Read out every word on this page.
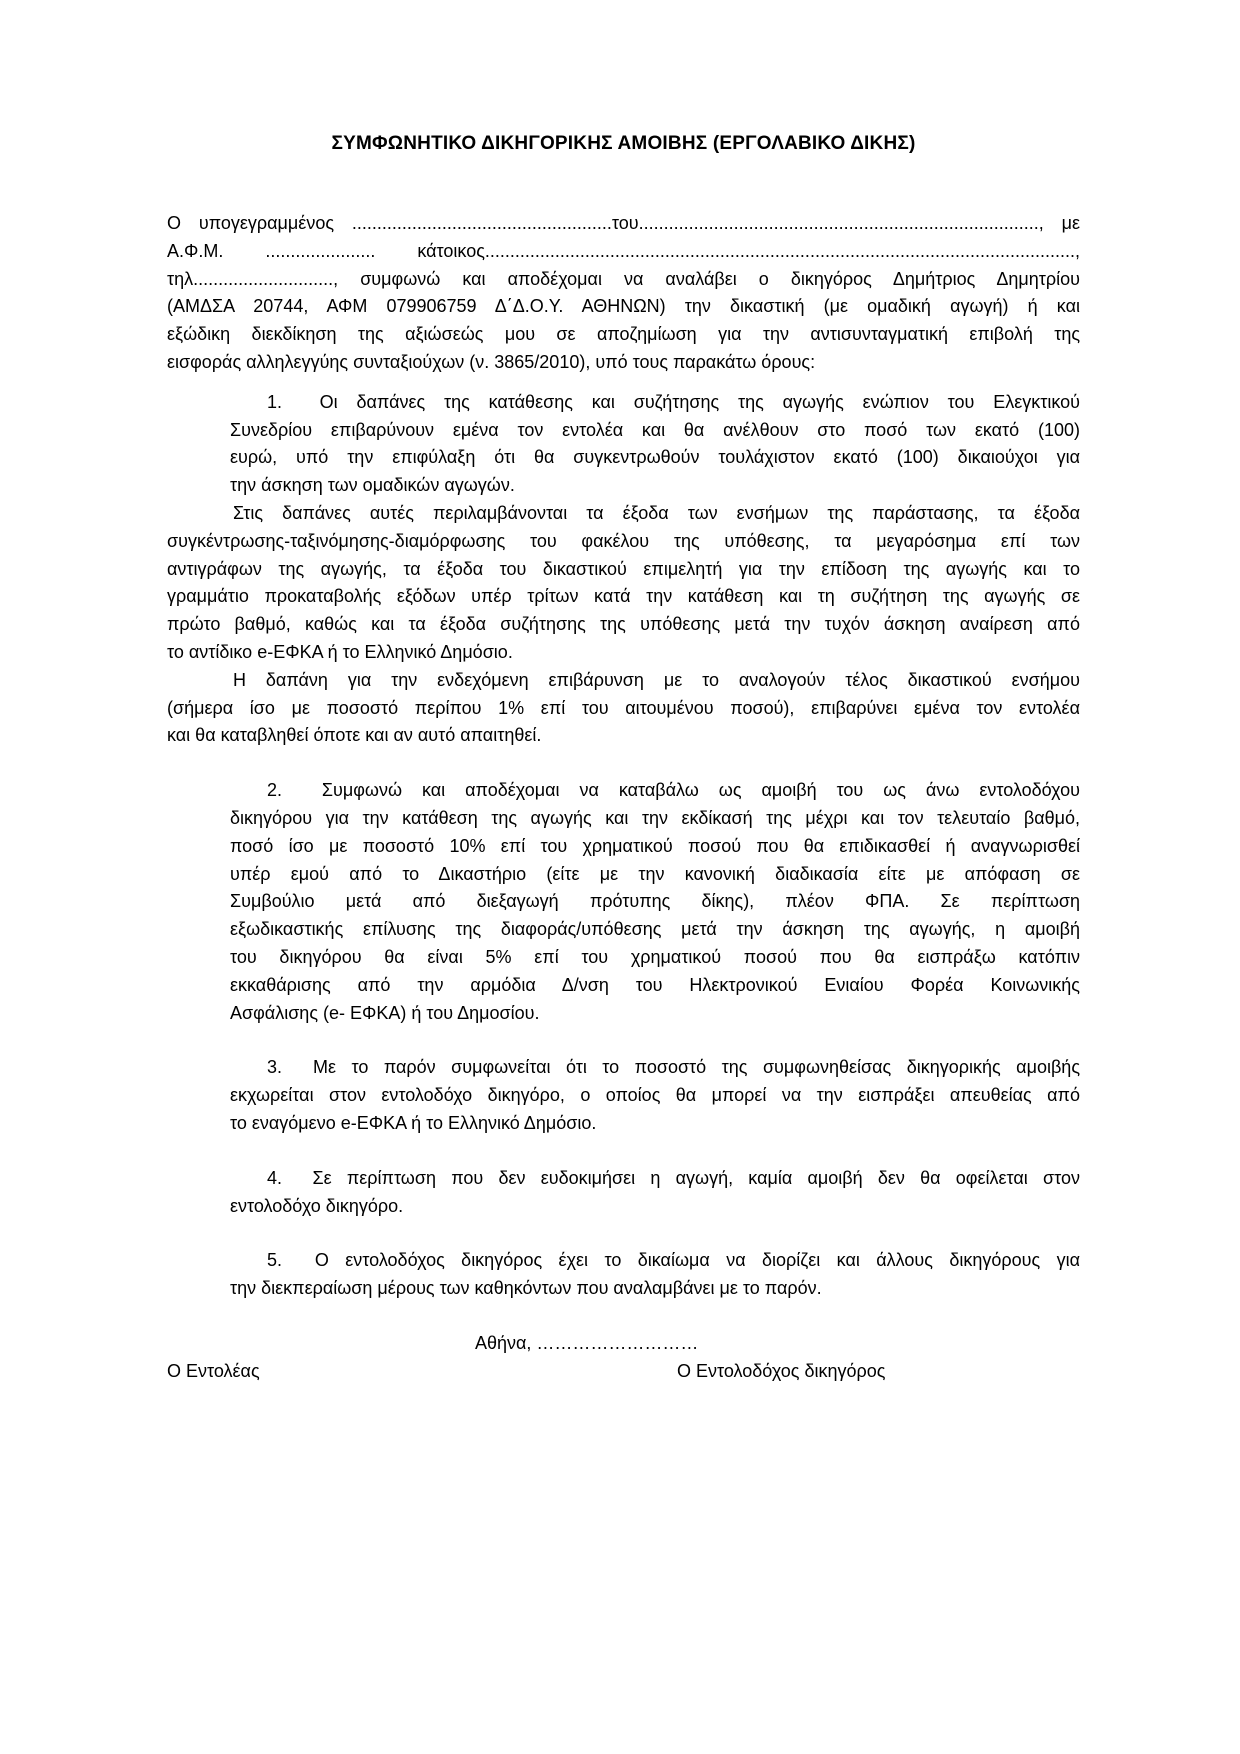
ΣΥΜΦΩΝΗΤΙΚΟ ΔΙΚΗΓΟΡΙΚΗΣ ΑΜΟΙΒΗΣ (ΕΡΓΟΛΑΒΙΚΟ ΔΙΚΗΣ)
Ο υπογεγραμμένος ....................................................του................................................................................, με
Α.Φ.Μ. ...................... κάτοικος......................................................................................................................,
τηλ............................, συμφωνώ και αποδέχομαι να αναλάβει ο δικηγόρος Δημήτριος Δημητρίου
(ΑΜΔΣΑ 20744, ΑΦΜ 079906759 Δ΄Δ.Ο.Υ. ΑΘΗΝΩΝ) την δικαστική (με ομαδική αγωγή) ή και
εξώδικη διεκδίκηση της αξιώσεώς μου σε αποζημίωση για την αντισυνταγματική επιβολή της
εισφοράς αλληλεγγύης συνταξιούχων (ν. 3865/2010), υπό τους παρακάτω όρους:
1.  Οι δαπάνες της κατάθεσης και συζήτησης της αγωγής ενώπιον του Ελεγκτικού
Συνεδρίου επιβαρύνουν εμένα τον εντολέα και θα ανέλθουν στο ποσό των εκατό (100)
ευρώ, υπό την επιφύλαξη ότι θα συγκεντρωθούν τουλάχιστον εκατό (100) δικαιούχοι για
την άσκηση των ομαδικών αγωγών.
Στις δαπάνες αυτές περιλαμβάνονται τα έξοδα των ενσήμων της παράστασης, τα έξοδα
συγκέντρωσης-ταξινόμησης-διαμόρφωσης του φακέλου της υπόθεσης, τα μεγαρόσημα επί των
αντιγράφων της αγωγής, τα έξοδα του δικαστικού επιμελητή για την επίδοση της αγωγής και το
γραμμάτιο προκαταβολής εξόδων υπέρ τρίτων κατά την κατάθεση και τη συζήτηση της αγωγής σε
πρώτο βαθμό, καθώς και τα έξοδα συζήτησης της υπόθεσης μετά την τυχόν άσκηση αναίρεση από
το αντίδικο e-ΕΦΚΑ ή το Ελληνικό Δημόσιο.
Η δαπάνη για την ενδεχόμενη επιβάρυνση με το αναλογούν τέλος δικαστικού ενσήμου
(σήμερα ίσο με ποσοστό περίπου 1% επί του αιτουμένου ποσού), επιβαρύνει εμένα τον εντολέα
και θα καταβληθεί όποτε και αν αυτό απαιτηθεί.
2.  Συμφωνώ και αποδέχομαι να καταβάλω ως αμοιβή του ως άνω εντολοδόχου
δικηγόρου για την κατάθεση της αγωγής και την εκδίκασή της μέχρι και τον τελευταίο βαθμό,
ποσό ίσο με ποσοστό 10% επί του χρηματικού ποσού που θα επιδικασθεί ή αναγνωρισθεί
υπέρ εμού από το Δικαστήριο (είτε με την κανονική διαδικασία είτε με απόφαση σε
Συμβούλιο μετά από διεξαγωγή πρότυπης δίκης), πλέον ΦΠΑ. Σε περίπτωση
εξωδικαστικής επίλυσης της διαφοράς/υπόθεσης μετά την άσκηση της αγωγής, η αμοιβή
του δικηγόρου θα είναι 5% επί του χρηματικού ποσού που θα εισπράξω κατόπιν
εκκαθάρισης από την αρμόδια Δ/νση του Ηλεκτρονικού Ενιαίου Φορέα Κοινωνικής
Ασφάλισης (e- ΕΦΚΑ) ή του Δημοσίου.
3.  Με το παρόν συμφωνείται ότι το ποσοστό της συμφωνηθείσας δικηγορικής αμοιβής
εκχωρείται στον εντολοδόχο δικηγόρο, ο οποίος θα μπορεί να την εισπράξει απευθείας από
το εναγόμενο e-ΕΦΚΑ ή το Ελληνικό Δημόσιο.
4.  Σε περίπτωση που δεν ευδοκιμήσει η αγωγή, καμία αμοιβή δεν θα οφείλεται στον
εντολοδόχο δικηγόρο.
5.  Ο εντολοδόχος δικηγόρος έχει το δικαίωμα να διορίζει και άλλους δικηγόρους για
την διεκπεραίωση μέρους των καθηκόντων που αναλαμβάνει με το παρόν.
Αθήνα, ………………………
Ο Εντολέας	Ο Εντολοδόχος δικηγόρος
